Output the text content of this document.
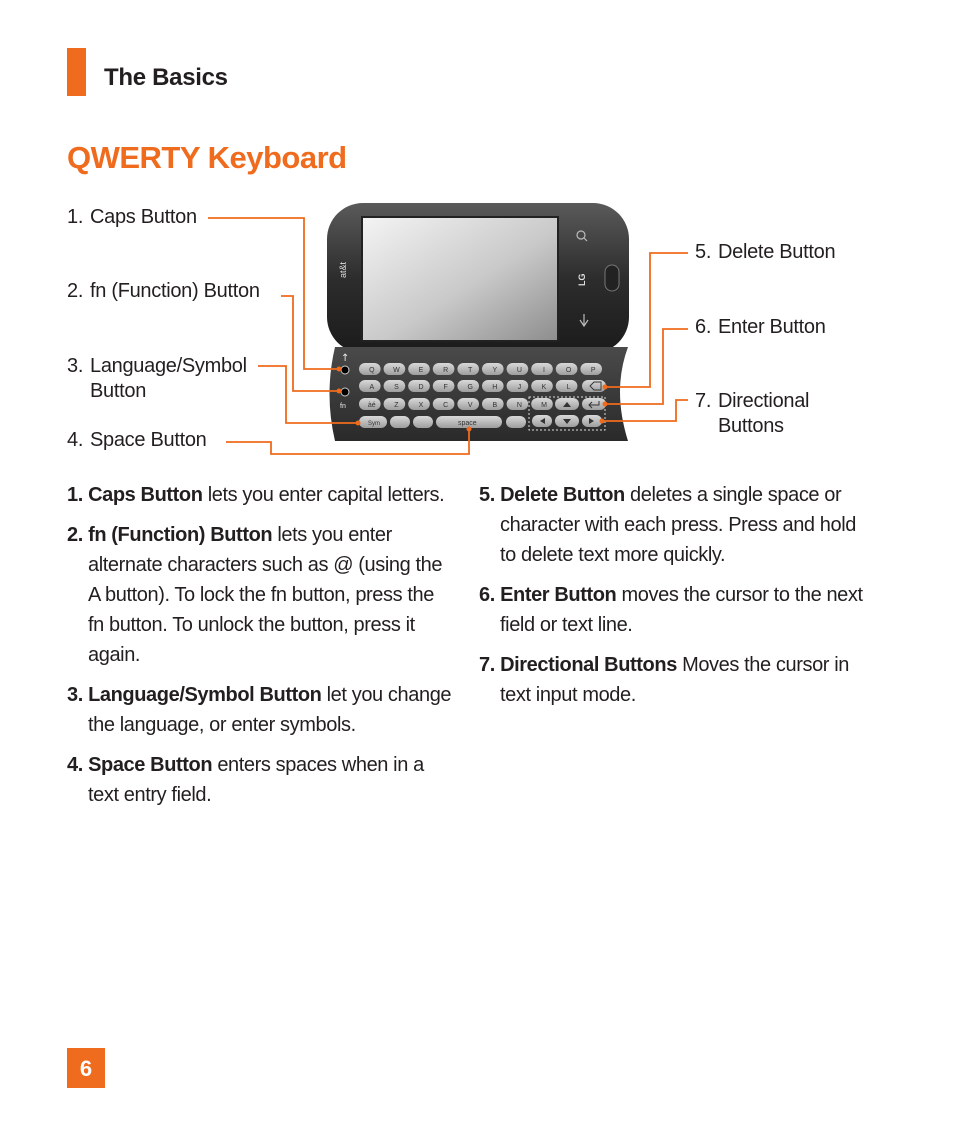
The Basics
QWERTY Keyboard
1. Caps Button
2. fn (Function) Button
3. Language/Symbol
Button
4. Space Button
5. Delete Button
6. Enter Button
7. Directional
Buttons
at&t
LG
↑
fn
Q	W	E	R	T	Y	U	I	O	P
A	S	D	F	G	H	J	K	L
àé	Z	X	C	V	B	N	M
Sym	space
1. Caps Button lets you enter capital letters.
2. fn (Function) Button lets you enter alternate characters such as @ (using the A button). To lock the fn button, press the fn button. To unlock the button, press it again.
3. Language/Symbol Button let you change the language, or enter symbols.
4. Space Button enters spaces when in a text entry field.
5. Delete Button deletes a single space or character with each press. Press and hold to delete text more quickly.
6. Enter Button moves the cursor to the next field or text line.
7. Directional Buttons Moves the cursor in text input mode.
6
